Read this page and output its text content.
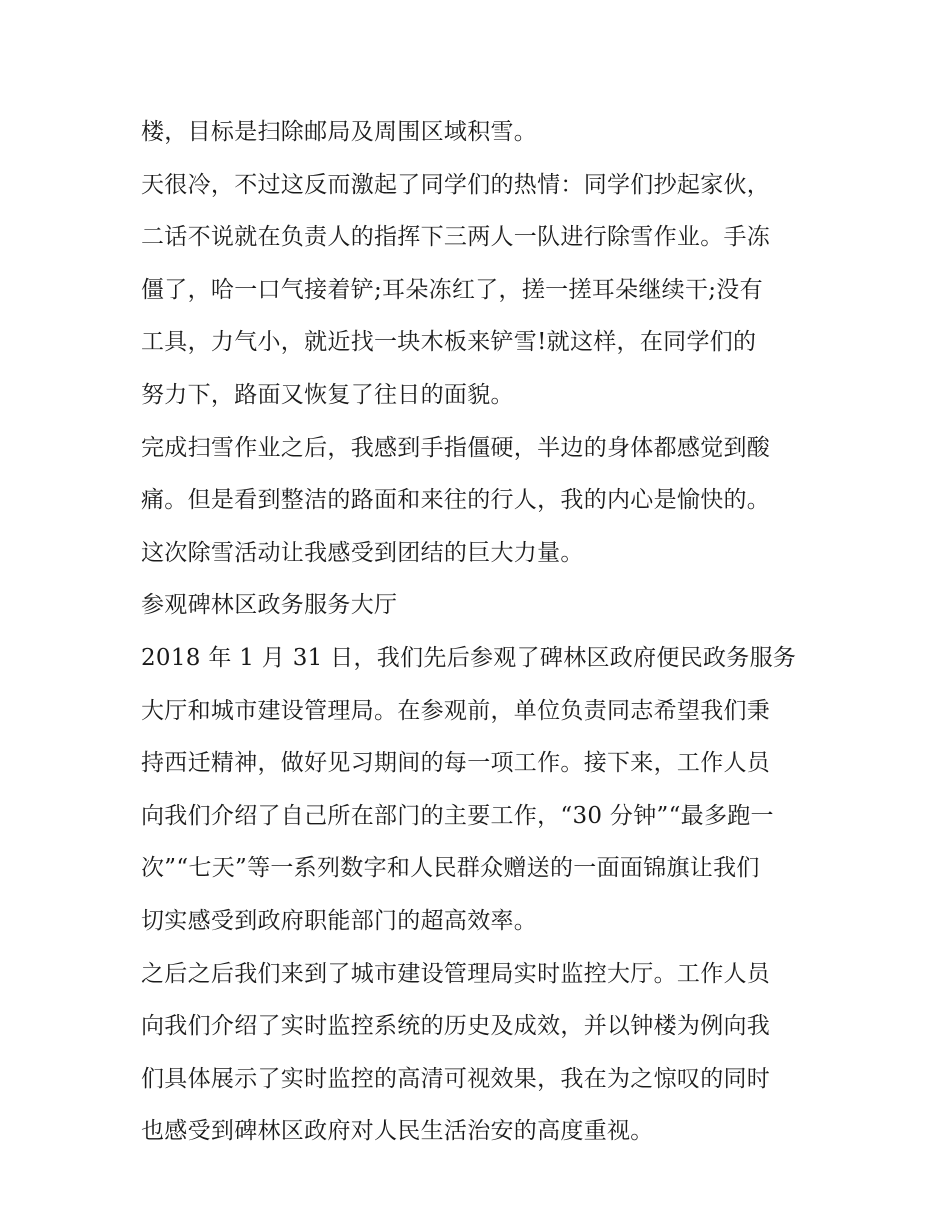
楼，目标是扫除邮局及周围区域积雪。
天很冷，不过这反而激起了同学们的热情：同学们抄起家伙，
二话不说就在负责人的指挥下三两人一队进行除雪作业。手冻
僵了，哈一口气接着铲;耳朵冻红了，搓一搓耳朵继续干;没有
工具，力气小，就近找一块木板来铲雪!就这样，在同学们的
努力下，路面又恢复了往日的面貌。
完成扫雪作业之后，我感到手指僵硬，半边的身体都感觉到酸
痛。但是看到整洁的路面和来往的行人，我的内心是愉快的。
这次除雪活动让我感受到团结的巨大力量。
参观碑林区政务服务大厅
2018 年 1 月 31 日，我们先后参观了碑林区政府便民政务服务
大厅和城市建设管理局。在参观前，单位负责同志希望我们秉
持西迁精神，做好见习期间的每一项工作。接下来，工作人员
向我们介绍了自己所在部门的主要工作，“30 分钟”“最多跑一
次”“七天”等一系列数字和人民群众赠送的一面面锦旗让我们
切实感受到政府职能部门的超高效率。
之后之后我们来到了城市建设管理局实时监控大厅。工作人员
向我们介绍了实时监控系统的历史及成效，并以钟楼为例向我
们具体展示了实时监控的高清可视效果，我在为之惊叹的同时
也感受到碑林区政府对人民生活治安的高度重视。
